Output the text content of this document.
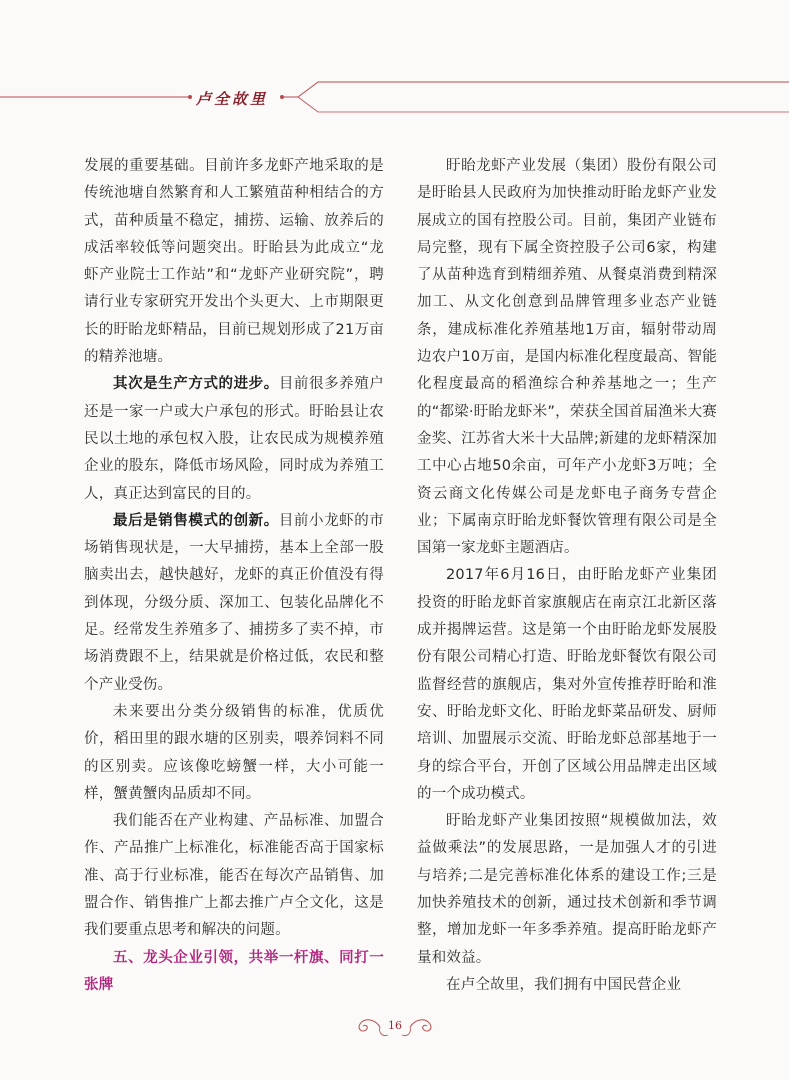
卢全故里

发展的重要基础。目前许多龙虾产地采取的是传统池塘自然繁育和人工繁殖苗种相结合的方式，苗种质量不稳定，捕捞、运输、放养后的成活率较低等问题突出。盱眙县为此成立“龙虾产业院士工作站”和“龙虾产业研究院”，聘请行业专家研究开发出个头更大、上市期限更长的盱眙龙虾精品，目前已规划形成了21万亩的精养池塘。

其次是生产方式的进步。目前很多养殖户还是一家一户或大户承包的形式。盱眙县让农民以土地的承包权入股，让农民成为规模养殖企业的股东，降低市场风险，同时成为养殖工人，真正达到富民的目的。

最后是销售模式的创新。目前小龙虾的市场销售现状是，一大早捕捞，基本上全部一股脑卖出去，越快越好，龙虾的真正价值没有得到体现，分级分质、深加工、包装化品牌化不足。经常发生养殖多了、捕捞多了卖不掉，市场消费跟不上，结果就是价格过低，农民和整个产业受伤。

未来要出分类分级销售的标准，优质优价，稻田里的跟水塘的区别卖，喂养饲料不同的区别卖。应该像吃螃蟹一样，大小可能一样，蟹黄蟹肉品质却不同。

我们能否在产业构建、产品标准、加盟合作、产品推广上标准化，标准能否高于国家标准、高于行业标准，能否在每次产品销售、加盟合作、销售推广上都去推广卢仝文化，这是我们要重点思考和解决的问题。

五、龙头企业引领，共举一杆旗、同打一张牌

盱眙龙虾产业发展（集团）股份有限公司是盱眙县人民政府为加快推动盱眙龙虾产业发展成立的国有控股公司。目前，集团产业链布局完整，现有下属全资控股子公司6家，构建了从苗种选育到精细养殖、从餐桌消费到精深加工、从文化创意到品牌管理多业态产业链条，建成标准化养殖基地1万亩，辐射带动周边农户10万亩，是国内标准化程度最高、智能化程度最高的稻渔综合种养基地之一；生产的“都梁·盱眙龙虾米”，荣获全国首届渔米大赛金奖、江苏省大米十大品牌;新建的龙虾精深加工中心占地50余亩，可年产小龙虾3万吨；全资云商文化传媒公司是龙虾电子商务专营企业；下属南京盱眙龙虾餐饮管理有限公司是全国第一家龙虾主题酒店。

2017年6月16日，由盱眙龙虾产业集团投资的盱眙龙虾首家旗舰店在南京江北新区落成并揭牌运营。这是第一个由盱眙龙虾发展股份有限公司精心打造、盱眙龙虾餐饮有限公司监督经营的旗舰店，集对外宣传推荐盱眙和淮安、盱眙龙虾文化、盱眙龙虾菜品研发、厨师培训、加盟展示交流、盱眙龙虾总部基地于一身的综合平台，开创了区域公用品牌走出区域的一个成功模式。

盱眙龙虾产业集团按照“规模做加法，效益做乘法”的发展思路，一是加强人才的引进与培养;二是完善标准化体系的建设工作;三是加快养殖技术的创新，通过技术创新和季节调整，增加龙虾一年多季养殖。提高盱眙龙虾产量和效益。

在卢仝故里，我们拥有中国民营企业

16
